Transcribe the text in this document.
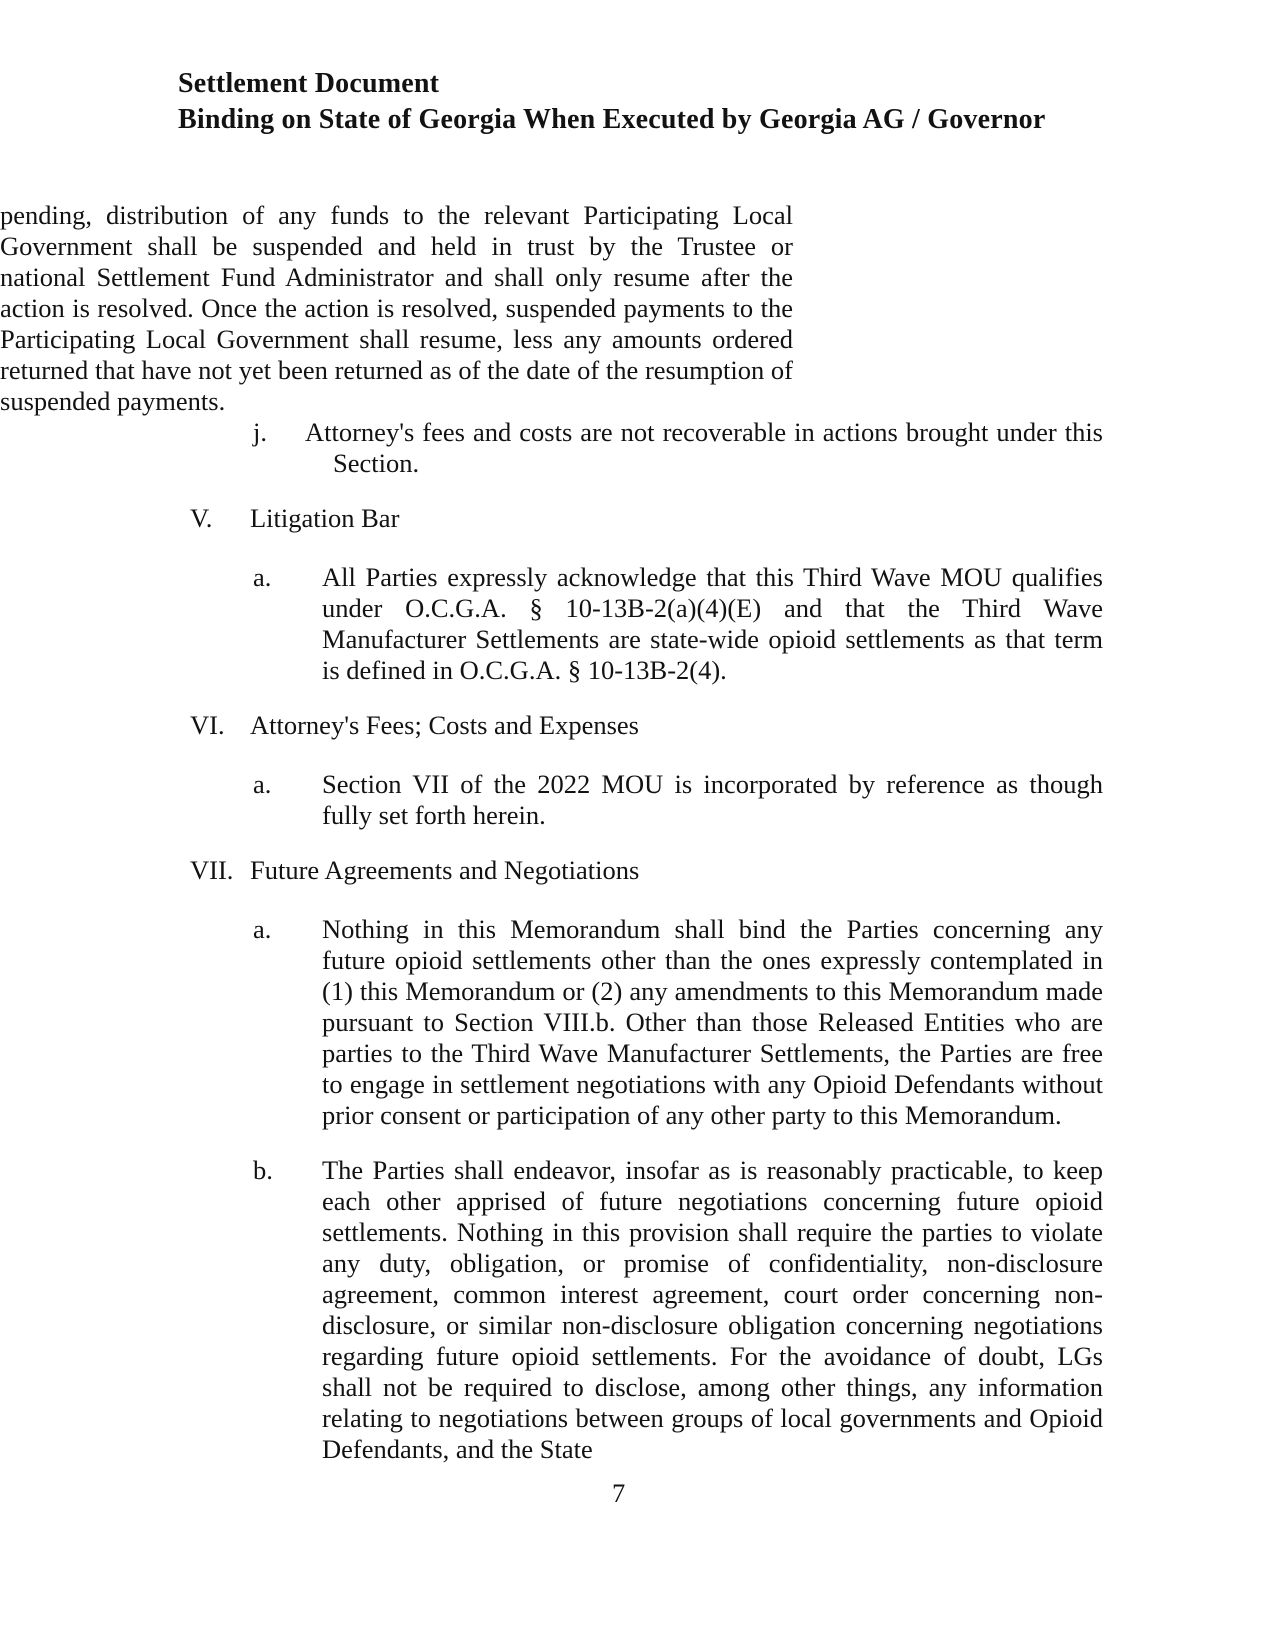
Settlement Document
Binding on State of Georgia When Executed by Georgia AG / Governor

pending, distribution of any funds to the relevant Participating Local Government shall be suspended and held in trust by the Trustee or national Settlement Fund Administrator and shall only resume after the action is resolved. Once the action is resolved, suspended payments to the Participating Local Government shall resume, less any amounts ordered returned that have not yet been returned as of the date of the resumption of suspended payments.

j. Attorney's fees and costs are not recoverable in actions brought under this Section.

V. Litigation Bar
a. All Parties expressly acknowledge that this Third Wave MOU qualifies under O.C.G.A. § 10-13B-2(a)(4)(E) and that the Third Wave Manufacturer Settlements are state-wide opioid settlements as that term is defined in O.C.G.A. § 10-13B-2(4).

VI. Attorney's Fees; Costs and Expenses
a. Section VII of the 2022 MOU is incorporated by reference as though fully set forth herein.

VII. Future Agreements and Negotiations
a. Nothing in this Memorandum shall bind the Parties concerning any future opioid settlements other than the ones expressly contemplated in (1) this Memorandum or (2) any amendments to this Memorandum made pursuant to Section VIII.b. Other than those Released Entities who are parties to the Third Wave Manufacturer Settlements, the Parties are free to engage in settlement negotiations with any Opioid Defendants without prior consent or participation of any other party to this Memorandum.

b. The Parties shall endeavor, insofar as is reasonably practicable, to keep each other apprised of future negotiations concerning future opioid settlements. Nothing in this provision shall require the parties to violate any duty, obligation, or promise of confidentiality, non-disclosure agreement, common interest agreement, court order concerning non-disclosure, or similar non-disclosure obligation concerning negotiations regarding future opioid settlements. For the avoidance of doubt, LGs shall not be required to disclose, among other things, any information relating to negotiations between groups of local governments and Opioid Defendants, and the State

7
